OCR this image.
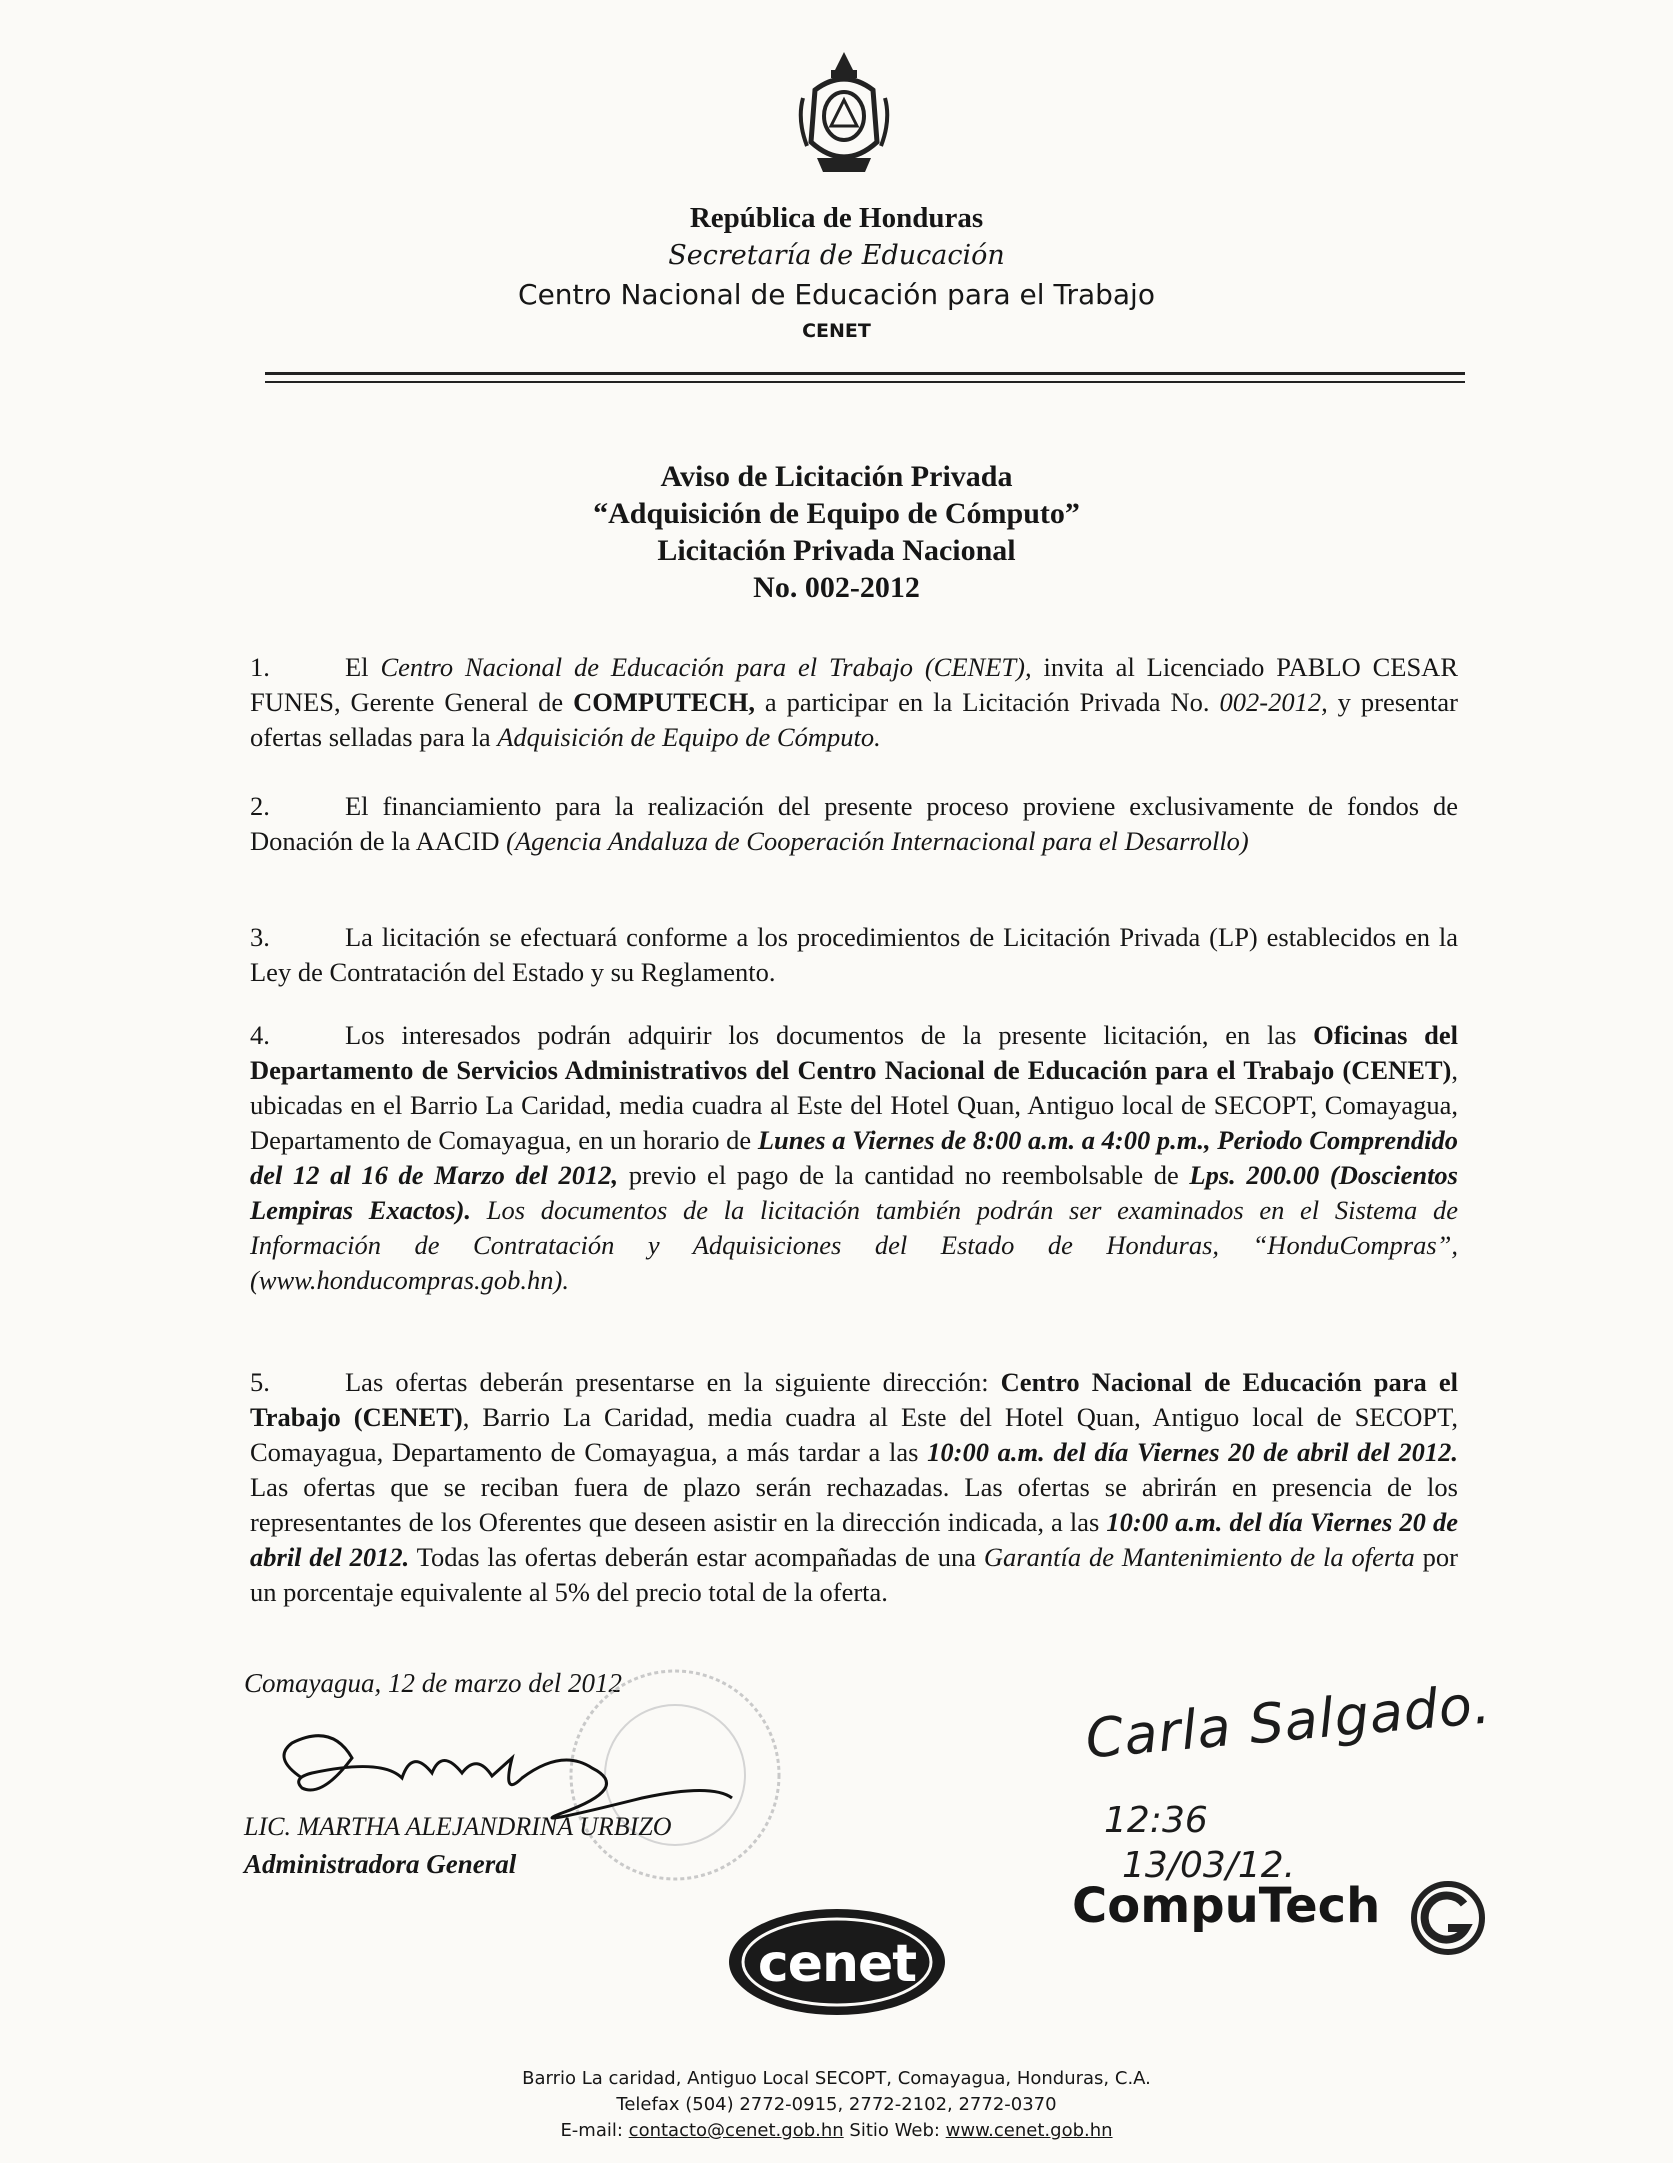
República de Honduras
Secretaría de Educación
Centro Nacional de Educación para el Trabajo
CENET
Aviso de Licitación Privada
“Adquisición de Equipo de Cómputo”
Licitación Privada Nacional
No. 002-2012
1.	El Centro Nacional de Educación para el Trabajo (CENET), invita al Licenciado PABLO CESAR FUNES, Gerente General de COMPUTECH, a participar en la Licitación Privada No. 002-2012, y presentar ofertas selladas para la Adquisición de Equipo de Cómputo.
2.	El financiamiento para la realización del presente proceso proviene exclusivamente de fondos de Donación de la AACID (Agencia Andaluza de Cooperación Internacional para el Desarrollo)
3.	La licitación se efectuará conforme a los procedimientos de Licitación Privada (LP) establecidos en la Ley de Contratación del Estado y su Reglamento.
4.	Los interesados podrán adquirir los documentos de la presente licitación, en las Oficinas del Departamento de Servicios Administrativos del Centro Nacional de Educación para el Trabajo (CENET), ubicadas en el Barrio La Caridad, media cuadra al Este del Hotel Quan, Antiguo local de SECOPT, Comayagua, Departamento de Comayagua, en un horario de Lunes a Viernes de 8:00 a.m. a 4:00 p.m., Periodo Comprendido del 12 al 16 de Marzo del 2012, previo el pago de la cantidad no reembolsable de Lps. 200.00 (Doscientos Lempiras Exactos). Los documentos de la licitación también podrán ser examinados en el Sistema de Información de Contratación y Adquisiciones del Estado de Honduras, “HonduCompras”, (www.honducompras.gob.hn).
5.	Las ofertas deberán presentarse en la siguiente dirección: Centro Nacional de Educación para el Trabajo (CENET), Barrio La Caridad, media cuadra al Este del Hotel Quan, Antiguo local de SECOPT, Comayagua, Departamento de Comayagua, a más tardar a las 10:00 a.m. del día Viernes 20 de abril del 2012. Las ofertas que se reciban fuera de plazo serán rechazadas. Las ofertas se abrirán en presencia de los representantes de los Oferentes que deseen asistir en la dirección indicada, a las 10:00 a.m. del día Viernes 20 de abril del 2012. Todas las ofertas deberán estar acompañadas de una Garantía de Mantenimiento de la oferta por un porcentaje equivalente al 5% del precio total de la oferta.
Comayagua, 12 de marzo del 2012
LIC. MARTHA ALEJANDRINA URBIZO
Administradora General
Carla Salgado.
12:36
13/03/12.
CompuTech
cenet
Barrio La caridad, Antiguo Local SECOPT, Comayagua, Honduras, C.A.
Telefax (504) 2772-0915, 2772-2102, 2772-0370
E-mail: contacto@cenet.gob.hn Sitio Web: www.cenet.gob.hn
